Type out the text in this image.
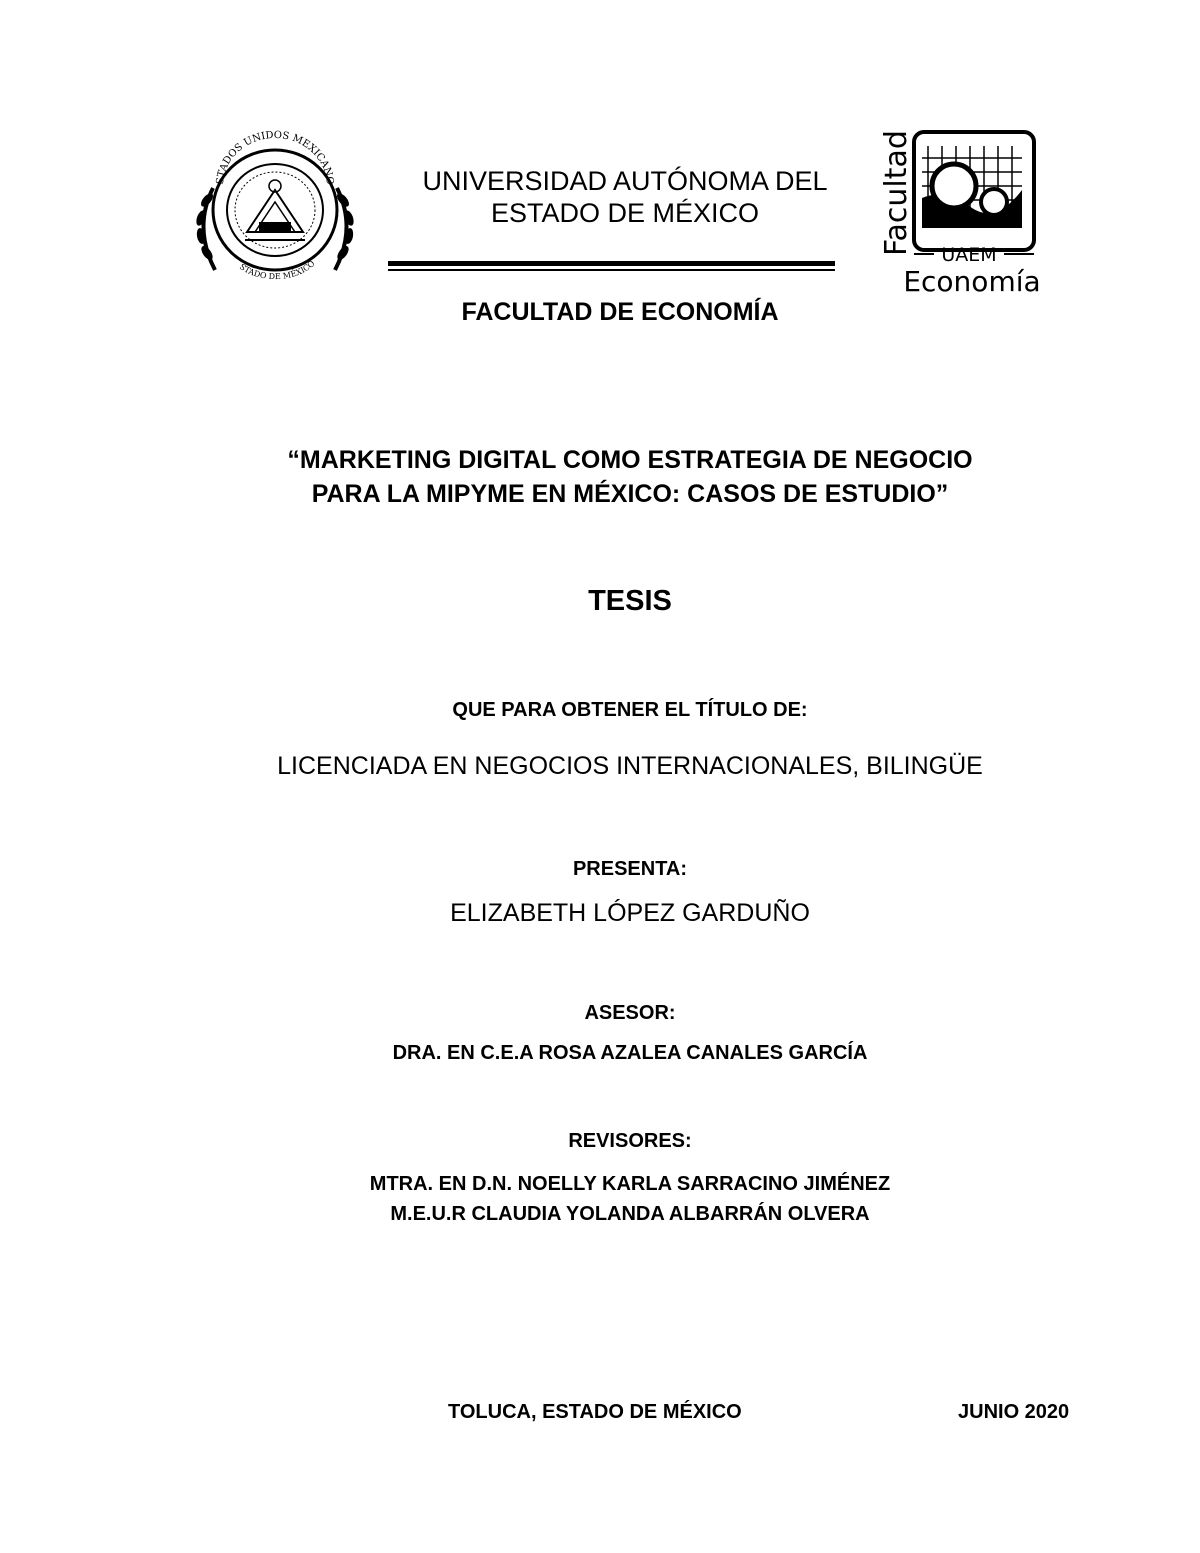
STADOS UNIDOS MEXICANO
STADO DE MÉXICO
UNIVERSIDAD AUTÓNOMA DEL
ESTADO DE MÉXICO	Facultad UAEM
Economía
FACULTAD DE ECONOMÍA
“MARKETING DIGITAL COMO ESTRATEGIA DE NEGOCIO
PARA LA MIPYME EN MÉXICO: CASOS DE ESTUDIO”
TESIS
QUE PARA OBTENER EL TÍTULO DE:
LICENCIADA EN NEGOCIOS INTERNACIONALES, BILINGÜE
PRESENTA:
ELIZABETH LÓPEZ GARDUÑO
ASESOR:
DRA. EN C.E.A ROSA AZALEA CANALES GARCÍA
REVISORES:
MTRA. EN D.N. NOELLY KARLA SARRACINO JIMÉNEZ
M.E.U.R CLAUDIA YOLANDA ALBARRÁN OLVERA
TOLUCA, ESTADO DE MÉXICO	JUNIO 2020
